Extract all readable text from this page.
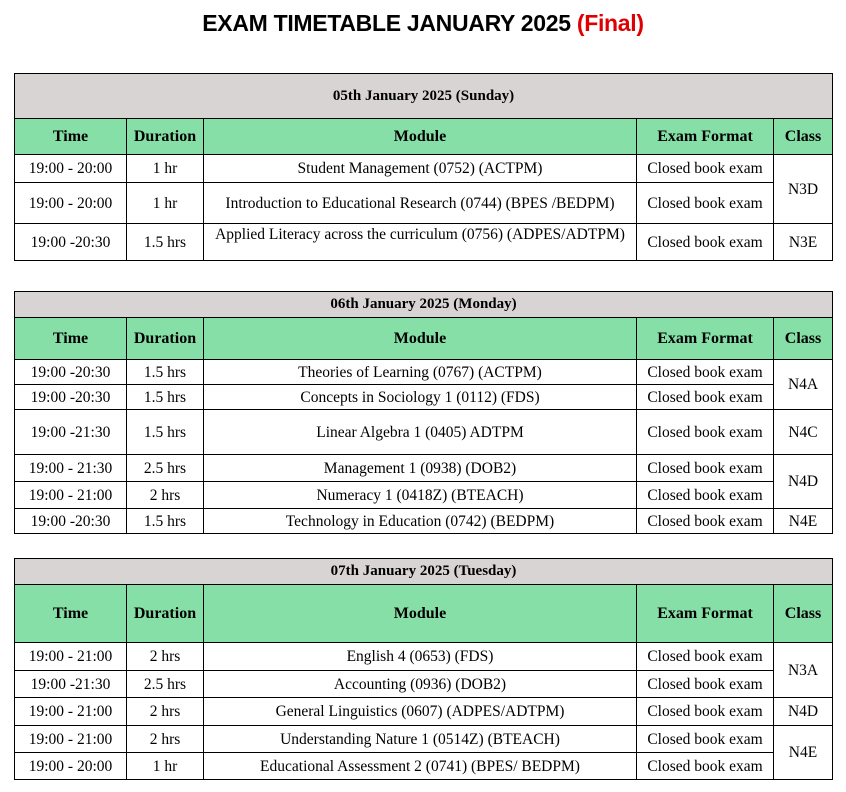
EXAM TIMETABLE JANUARY 2025 (Final)
05th January 2025 (Sunday)				
Time	Duration	Module	Exam Format	Class
19:00 - 20:00	1 hr	Student Management (0752) (ACTPM)	Closed book exam	N3D
19:00 - 20:00	1 hr	Introduction to Educational Research (0744) (BPES /BEDPM)	Closed book exam	
19:00 -20:30	1.5 hrs	Applied Literacy across the curriculum (0756) (ADPES/ADTPM)	Closed book exam	N3E
06th January 2025 (Monday)				
Time	Duration	Module	Exam Format	Class
19:00 -20:30	1.5 hrs	Theories of Learning (0767) (ACTPM)	Closed book exam	N4A
19:00 -20:30	1.5 hrs	Concepts in Sociology 1 (0112) (FDS)	Closed book exam	
19:00 -21:30	1.5 hrs	Linear Algebra 1 (0405) ADTPM	Closed book exam	N4C
19:00 - 21:30	2.5 hrs	Management 1 (0938) (DOB2)	Closed book exam	N4D
19:00 - 21:00	2 hrs	Numeracy 1 (0418Z) (BTEACH)	Closed book exam	
19:00 -20:30	1.5 hrs	Technology in Education (0742) (BEDPM)	Closed book exam	N4E
07th January 2025 (Tuesday)				
Time	Duration	Module	Exam Format	Class
19:00 - 21:00	2 hrs	English 4 (0653) (FDS)	Closed book exam	N3A
19:00 -21:30	2.5 hrs	Accounting (0936) (DOB2)	Closed book exam	
19:00 - 21:00	2 hrs	General Linguistics (0607) (ADPES/ADTPM)	Closed book exam	N4D
19:00 - 21:00	2 hrs	Understanding Nature 1 (0514Z) (BTEACH)	Closed book exam	N4E
19:00 - 20:00	1 hr	Educational Assessment 2 (0741) (BPES/ BEDPM)	Closed book exam	
